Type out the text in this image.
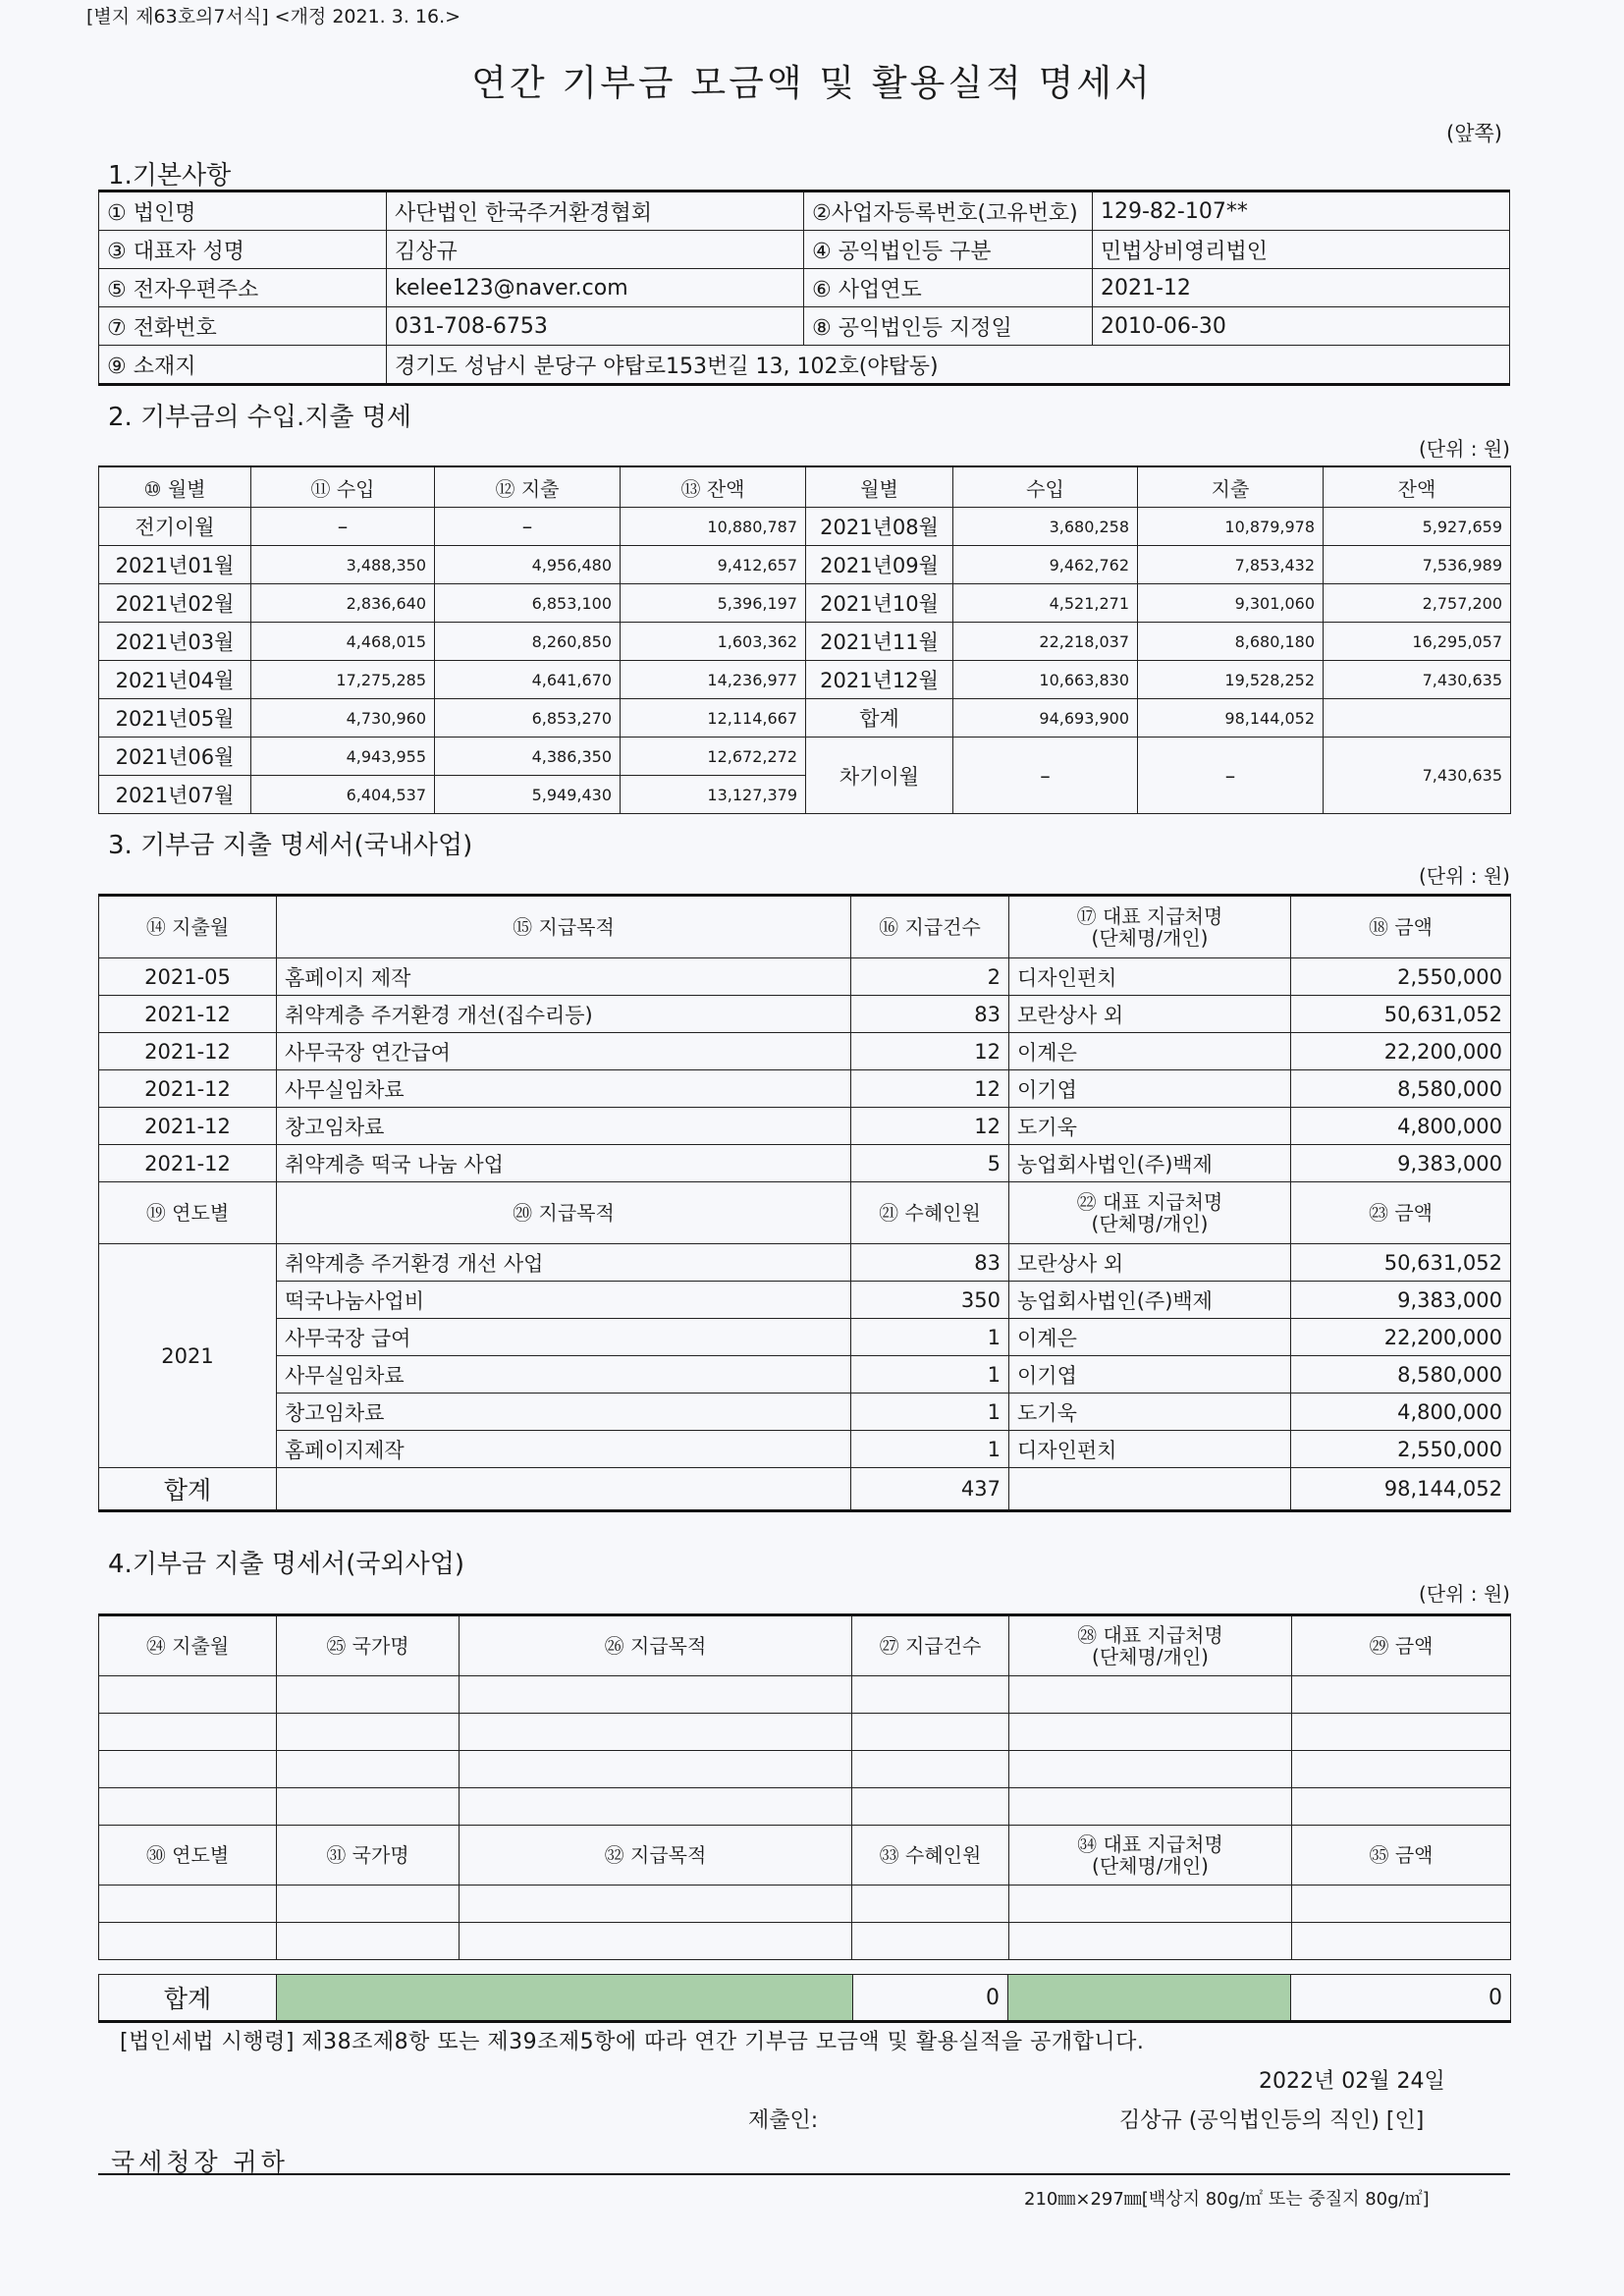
[별지 제63호의7서식] <개정 2021. 3. 16.>
연간 기부금 모금액 및 활용실적 명세서
(앞쪽)
1.기본사항
① 법인명	사단법인 한국주거환경협회	②사업자등록번호(고유번호)	129-82-107**
③ 대표자 성명	김상규	④ 공익법인등 구분	민법상비영리법인
⑤ 전자우편주소	kelee123@naver.com	⑥ 사업연도	2021-12
⑦ 전화번호	031-708-6753	⑧ 공익법인등 지정일	2010-06-30
⑨ 소재지	경기도 성남시 분당구 야탑로153번길 13, 102호(야탑동)		
2. 기부금의 수입.지출 명세
(단위 : 원)
⑩ 월별	⑪ 수입	⑫ 지출	⑬ 잔액	월별	수입	지출	잔액
전기이월	–	–	10,880,787	2021년08월	3,680,258	10,879,978	5,927,659
2021년01월	3,488,350	4,956,480	9,412,657	2021년09월	9,462,762	7,853,432	7,536,989
2021년02월	2,836,640	6,853,100	5,396,197	2021년10월	4,521,271	9,301,060	2,757,200
2021년03월	4,468,015	8,260,850	1,603,362	2021년11월	22,218,037	8,680,180	16,295,057
2021년04월	17,275,285	4,641,670	14,236,977	2021년12월	10,663,830	19,528,252	7,430,635
2021년05월	4,730,960	6,853,270	12,114,667	합계	94,693,900	98,144,052	
2021년06월	4,943,955	4,386,350	12,672,272	차기이월	–	–	7,430,635
2021년07월	6,404,537	5,949,430	13,127,379				
3. 기부금 지출 명세서(국내사업)
(단위 : 원)
⑭ 지출월	⑮ 지급목적	⑯ 지급건수	⑰ 대표 지급처명
(단체명/개인)	⑱ 금액
2021-05	홈페이지 제작	2	디자인펀치	2,550,000
2021-12	취약계층 주거환경 개선(집수리등)	83	모란상사 외	50,631,052
2021-12	사무국장 연간급여	12	이계은	22,200,000
2021-12	사무실임차료	12	이기엽	8,580,000
2021-12	창고임차료	12	도기욱	4,800,000
2021-12	취약계층 떡국 나눔 사업	5	농업회사법인(주)백제	9,383,000
⑲ 연도별	⑳ 지급목적	㉑ 수혜인원	㉒ 대표 지급처명
(단체명/개인)	㉓ 금액
2021	취약계층 주거환경 개선 사업	83	모란상사 외	50,631,052
	떡국나눔사업비	350	농업회사법인(주)백제	9,383,000
	사무국장 급여	1	이계은	22,200,000
	사무실임차료	1	이기엽	8,580,000
	창고임차료	1	도기욱	4,800,000
	홈페이지제작	1	디자인펀치	2,550,000
합계		437		98,144,052
4.기부금 지출 명세서(국외사업)
(단위 : 원)
㉔ 지출월	㉕ 국가명	㉖ 지급목적	㉗ 지급건수	㉘ 대표 지급처명
(단체명/개인)	㉙ 금액

㉚ 연도별	㉛ 국가명	㉜ 지급목적	㉝ 수혜인원	㉞ 대표 지급처명
(단체명/개인)	㉟ 금액

합계		0		0
[법인세법 시행령] 제38조제8항 또는 제39조제5항에 따라 연간 기부금 모금액 및 활용실적을 공개합니다.
2022년 02월 24일
제출인:	김상규 (공익법인등의 직인) [인]
국세청장 귀하
210㎜×297㎜[백상지 80g/㎡ 또는 중질지 80g/㎡]
